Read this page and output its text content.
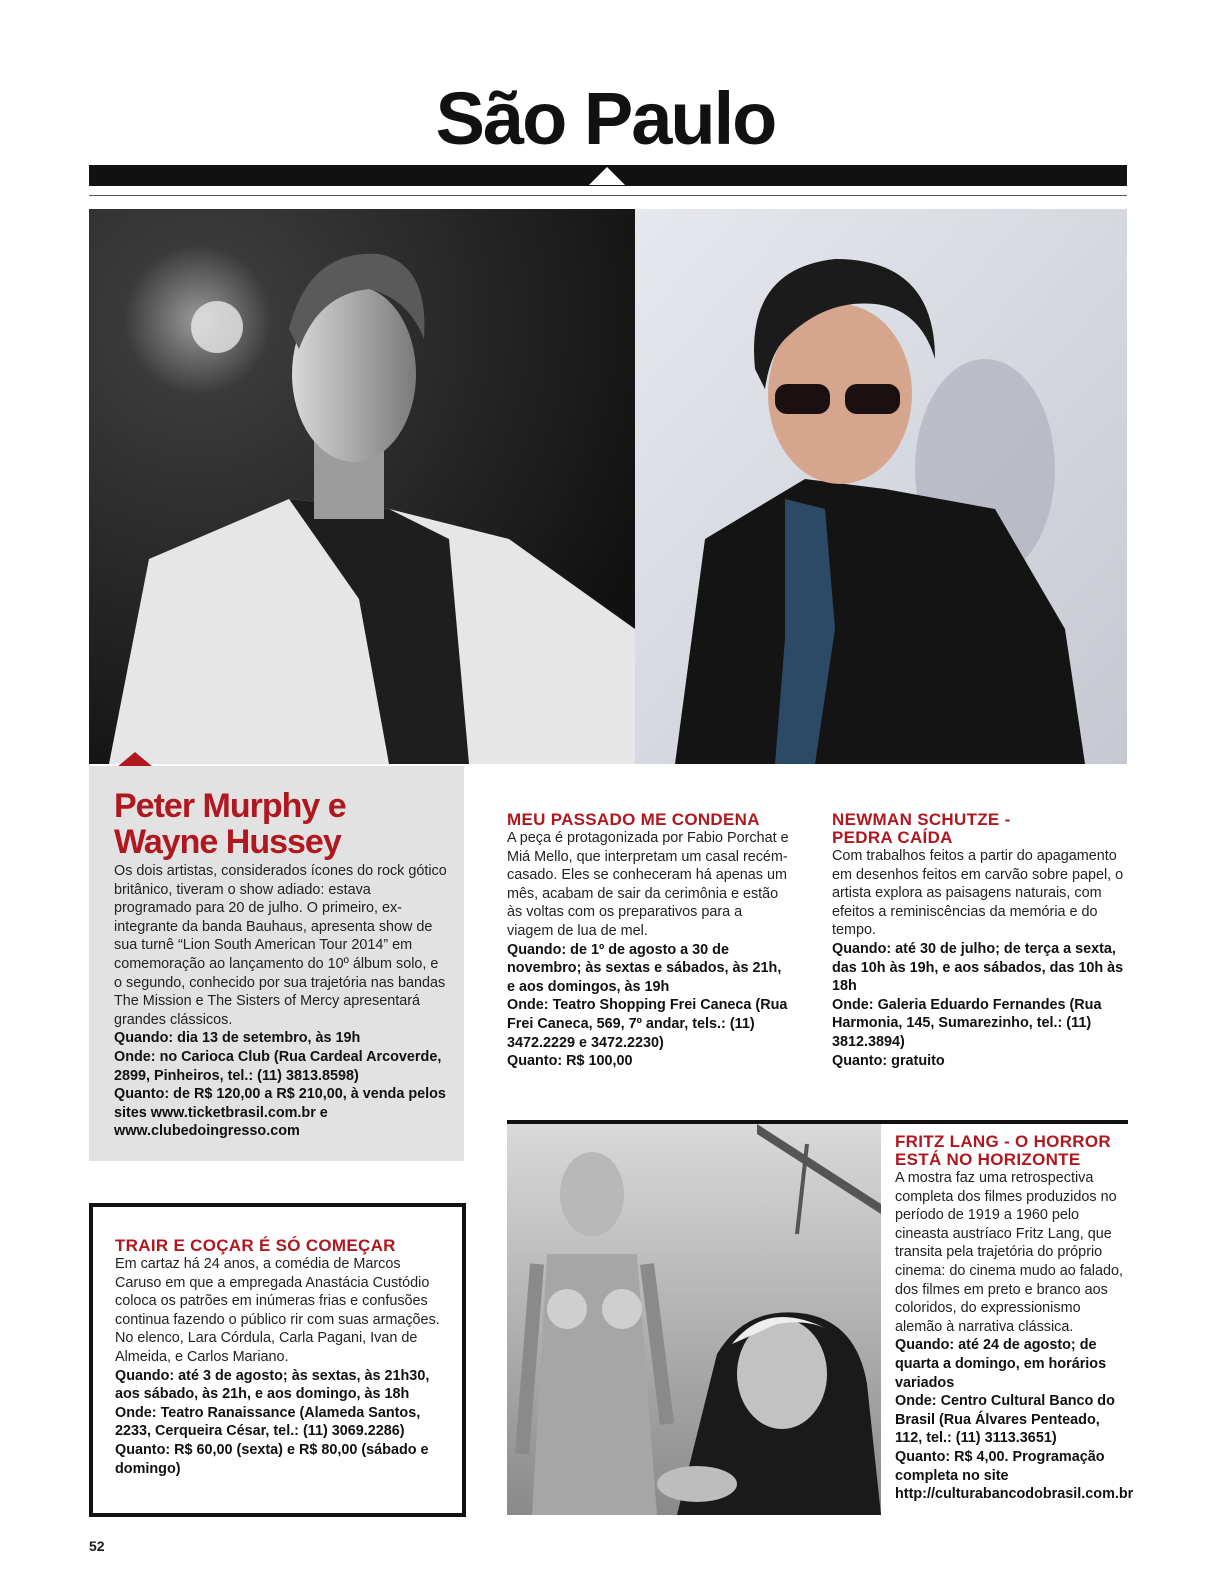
São Paulo
Peter Murphy e
Wayne Hussey

Os dois artistas, considerados ícones do rock gótico britânico, tiveram o show adiado: estava programado para 20 de julho. O primeiro, ex-integrante da banda Bauhaus, apresenta show de sua turnê “Lion South American Tour 2014” em comemoração ao lançamento do 10º álbum solo, e o segundo, conhecido por sua trajetória nas bandas The Mission e The Sisters of Mercy apresentará grandes clássicos.

Quando: dia 13 de setembro, às 19h

Onde: no Carioca Club (Rua Cardeal Arcoverde, 2899, Pinheiros, tel.: (11) 3813.8598)

Quanto: de R$ 120,00 a R$ 210,00, à venda pelos sites www.ticketbrasil.com.br e www.clubedoingresso.com

MEU PASSADO ME CONDENA

A peça é protagonizada por Fabio Porchat e Miá Mello, que interpretam um casal recém-casado. Eles se conheceram há apenas um mês, acabam de sair da cerimônia e estão às voltas com os preparativos para a viagem de lua de mel.

Quando: de 1º de agosto a 30 de novembro; às sextas e sábados, às 21h, e aos domingos, às 19h

Onde: Teatro Shopping Frei Caneca (Rua Frei Caneca, 569, 7º andar, tels.: (11) 3472.2229 e 3472.2230)

Quanto: R$ 100,00

NEWMAN SCHUTZE -
PEDRA CAÍDA

Com trabalhos feitos a partir do apagamento em desenhos feitos em carvão sobre papel, o artista explora as paisagens naturais, com efeitos a reminiscências da memória e do tempo.

Quando: até 30 de julho; de terça a sexta, das 10h às 19h, e aos sábados, das 10h às 18h

Onde: Galeria Eduardo Fernandes (Rua Harmonia, 145, Sumarezinho, tel.: (11) 3812.3894)

Quanto: gratuito

TRAIR E COÇAR É SÓ COMEÇAR

Em cartaz há 24 anos, a comédia de Marcos Caruso em que a empregada Anastácia Custódio coloca os patrões em inúmeras frias e confusões continua fazendo o público rir com suas armações. No elenco, Lara Córdula, Carla Pagani, Ivan de Almeida, e Carlos Mariano.

Quando: até 3 de agosto; às sextas, às 21h30, aos sábado, às 21h, e aos domingo, às 18h

Onde: Teatro Ranaissance (Alameda Santos, 2233, Cerqueira César, tel.: (11) 3069.2286)

Quanto: R$ 60,00 (sexta) e R$ 80,00 (sábado e domingo)

FRITZ LANG - O HORROR
ESTÁ NO HORIZONTE

A mostra faz uma retrospectiva completa dos filmes produzidos no período de 1919 a 1960 pelo cineasta austríaco Fritz Lang, que transita pela trajetória do próprio cinema: do cinema mudo ao falado, dos filmes em preto e branco aos coloridos, do expressionismo alemão à narrativa clássica.

Quando: até 24 de agosto; de quarta a domingo, em horários variados

Onde: Centro Cultural Banco do Brasil (Rua Álvares Penteado, 112, tel.: (11) 3113.3651)

Quanto: R$ 4,00. Programação completa no site http://culturabancodobrasil.com.br

52
